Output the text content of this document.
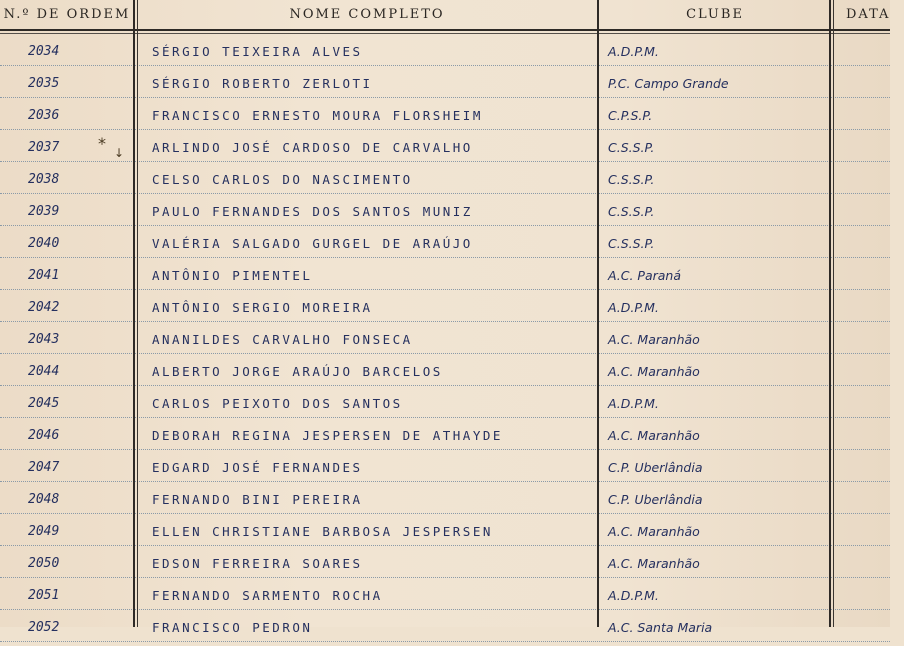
N.º DE ORDEM	NOME COMPLETO	CLUBE	DATA
2034	SÉRGIO TEIXEIRA ALVES	A.D.P.M.
2035	SÉRGIO ROBERTO ZERLOTI	P.C. Campo Grande
2036	FRANCISCO ERNESTO MOURA FLORSHEIM	C.P.S.P.
2037	ARLINDO JOSÉ CARDOSO DE CARVALHO	C.S.S.P.
2038	CELSO CARLOS DO NASCIMENTO	C.S.S.P.
2039	PAULO FERNANDES DOS SANTOS MUNIZ	C.S.S.P.
2040	VALÉRIA SALGADO GURGEL DE ARAÚJO	C.S.S.P.
2041	ANTÔNIO PIMENTEL	A.C. Paraná
2042	ANTÔNIO SERGIO MOREIRA	A.D.P.M.
2043	ANANILDES CARVALHO FONSECA	A.C. Maranhão
2044	ALBERTO JORGE ARAÚJO BARCELOS	A.C. Maranhão
2045	CARLOS PEIXOTO DOS SANTOS	A.D.P.M.
2046	DEBORAH REGINA JESPERSEN DE ATHAYDE	A.C. Maranhão
2047	EDGARD JOSÉ FERNANDES	C.P. Uberlândia
2048	FERNANDO BINI PEREIRA	C.P. Uberlândia
2049	ELLEN CHRISTIANE BARBOSA JESPERSEN	A.C. Maranhão
2050	EDSON FERREIRA SOARES	A.C. Maranhão
2051	FERNANDO SARMENTO ROCHA	A.D.P.M.
2052	FRANCISCO PEDRON	A.C. Santa Maria
* ↓
